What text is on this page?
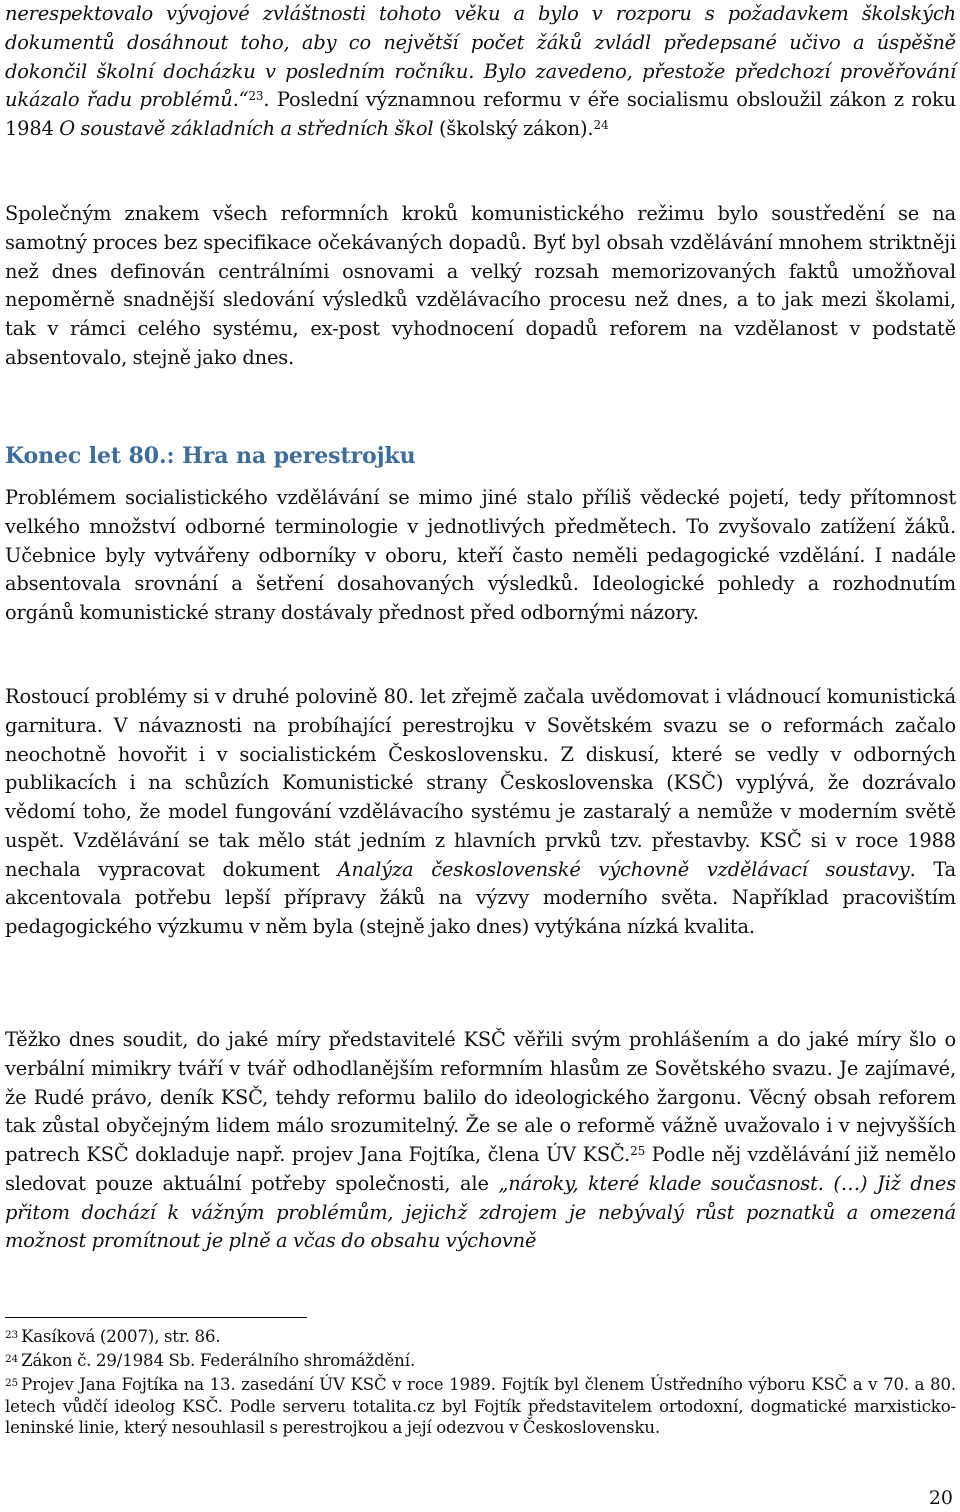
nerespektovalo vývojové zvláštnosti tohoto věku a bylo v rozporu s požadavkem školských dokumentů dosáhnout toho, aby co největší počet žáků zvládl předepsané učivo a úspěšně dokončil školní docházku v posledním ročníku. Bylo zavedeno, přestože předchozí prověřování ukázalo řadu problémů.“$^{23}$. Poslední významnou reformu v éře socialismu obsloužil zákon z roku 1984 O soustavě základních a středních škol (školský zákon).$^{24}$

Společným znakem všech reformních kroků komunistického režimu bylo soustředění se na samotný proces bez specifikace očekávaných dopadů. Byť byl obsah vzdělávání mnohem striktněji než dnes definován centrálními osnovami a velký rozsah memorizovaných faktů umožňoval nepoměrně snadnější sledování výsledků vzdělávacího procesu než dnes, a to jak mezi školami, tak v rámci celého systému, ex-post vyhodnocení dopadů reforem na vzdělanost v podstatě absentovalo, stejně jako dnes.

Konec let 80.: Hra na perestrojku

Problémem socialistického vzdělávání se mimo jiné stalo příliš vědecké pojetí, tedy přítomnost velkého množství odborné terminologie v jednotlivých předmětech. To zvyšovalo zatížení žáků. Učebnice byly vytvářeny odborníky v oboru, kteří často neměli pedagogické vzdělání. I nadále absentovala srovnání a šetření dosahovaných výsledků. Ideologické pohledy a rozhodnutím orgánů komunistické strany dostávaly přednost před odbornými názory.

Rostoucí problémy si v druhé polovině 80. let zřejmě začala uvědomovat i vládnoucí komunistická garnitura. V návaznosti na probíhající perestrojku v Sovětském svazu se o reformách začalo neochotně hovořit i v socialistickém Československu. Z diskusí, které se vedly v odborných publikacích i na schůzích Komunistické strany Československa (KSČ) vyplývá, že dozrávalo vědomí toho, že model fungování vzdělávacího systému je zastaralý a nemůže v moderním světě uspět. Vzdělávání se tak mělo stát jedním z hlavních prvků tzv. přestavby. KSČ si v roce 1988 nechala vypracovat dokument Analýza československé výchovně vzdělávací soustavy. Ta akcentovala potřebu lepší přípravy žáků na výzvy moderního světa. Například pracovištím pedagogického výzkumu v něm byla (stejně jako dnes) vytýkána nízká kvalita.

Těžko dnes soudit, do jaké míry představitelé KSČ věřili svým prohlášením a do jaké míry šlo o verbální mimikry tváří v tvář odhodlanějším reformním hlasům ze Sovětského svazu. Je zajímavé, že Rudé právo, deník KSČ, tehdy reformu balilo do ideologického žargonu. Věcný obsah reforem tak zůstal obyčejným lidem málo srozumitelný. Že se ale o reformě vážně uvažovalo i v nejvyšších patrech KSČ dokladuje např. projev Jana Fojtíka, člena ÚV KSČ.$^{25}$ Podle něj vzdělávání již nemělo sledovat pouze aktuální potřeby společnosti, ale „nároky, které klade současnost. (…) Již dnes přitom dochází k vážným problémům, jejichž zdrojem je nebývalý růst poznatků a omezená možnost promítnout je plně a včas do obsahu výchovně

$^{23}$ Kasíková (2007), str. 86.

$^{24}$ Zákon č. 29/1984 Sb. Federálního shromáždění.

$^{25}$ Projev Jana Fojtíka na 13. zasedání ÚV KSČ v roce 1989. Fojtík byl členem Ústředního výboru KSČ a v 70. a 80. letech vůdčí ideolog KSČ. Podle serveru totalita.cz byl Fojtík představitelem ortodoxní, dogmatické marxisticko-leninské linie, který nesouhlasil s perestrojkou a její odezvou v Československu.

20
